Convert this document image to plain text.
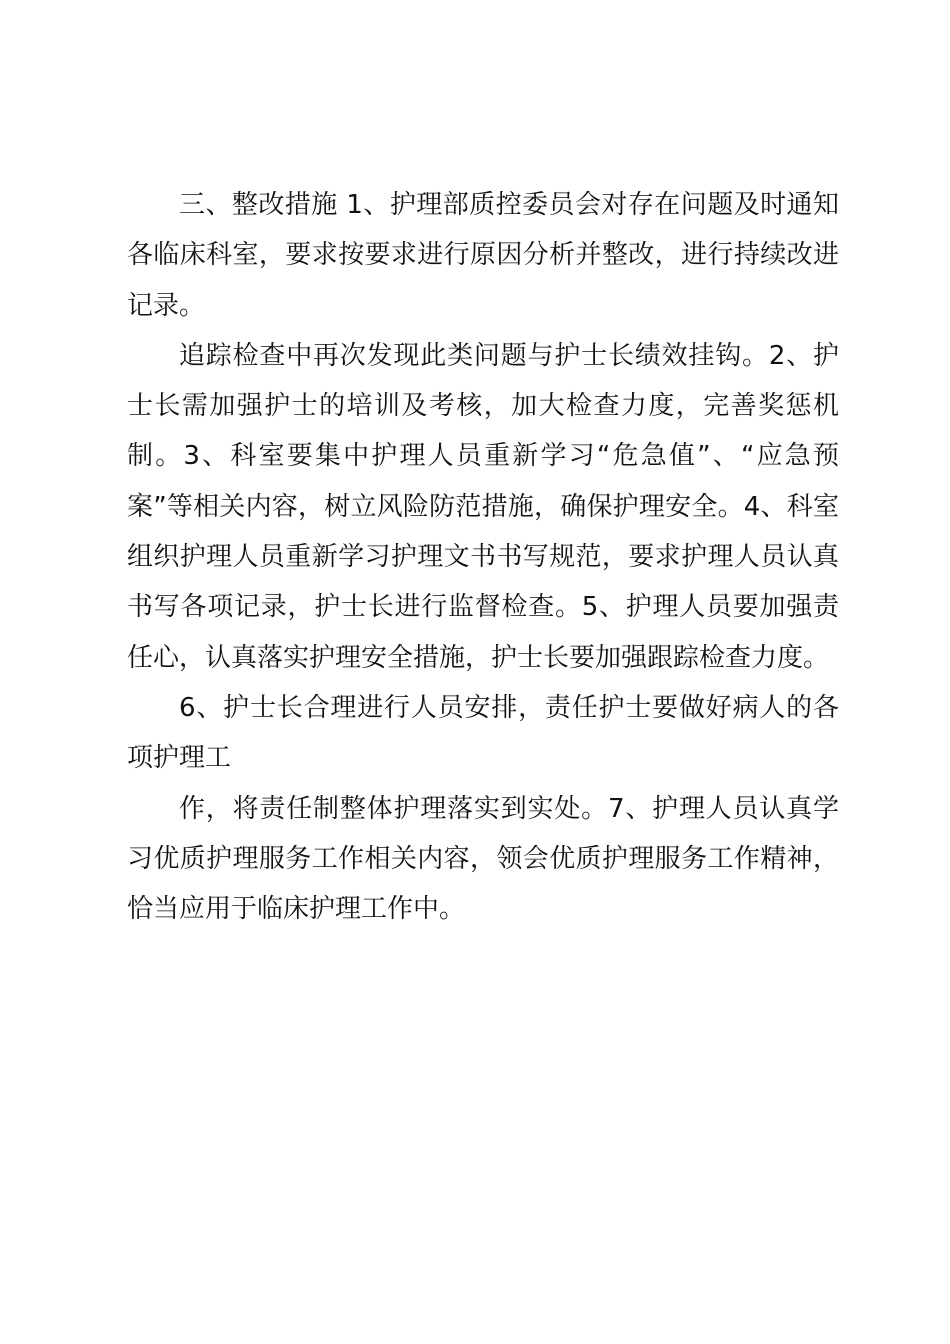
三、整改措施 1、护理部质控委员会对存在问题及时通知各临床科室，要求按要求进行原因分析并整改，进行持续改进记录。

追踪检查中再次发现此类问题与护士长绩效挂钩。2、护士长需加强护士的培训及考核，加大检查力度，完善奖惩机制。3、科室要集中护理人员重新学习“危急值”、“应急预案”等相关内容，树立风险防范措施，确保护理安全。4、科室组织护理人员重新学习护理文书书写规范，要求护理人员认真书写各项记录，护士长进行监督检查。5、护理人员要加强责任心，认真落实护理安全措施，护士长要加强跟踪检查力度。

6、护士长合理进行人员安排，责任护士要做好病人的各项护理工

作，将责任制整体护理落实到实处。7、护理人员认真学习优质护理服务工作相关内容，领会优质护理服务工作精神，恰当应用于临床护理工作中。
